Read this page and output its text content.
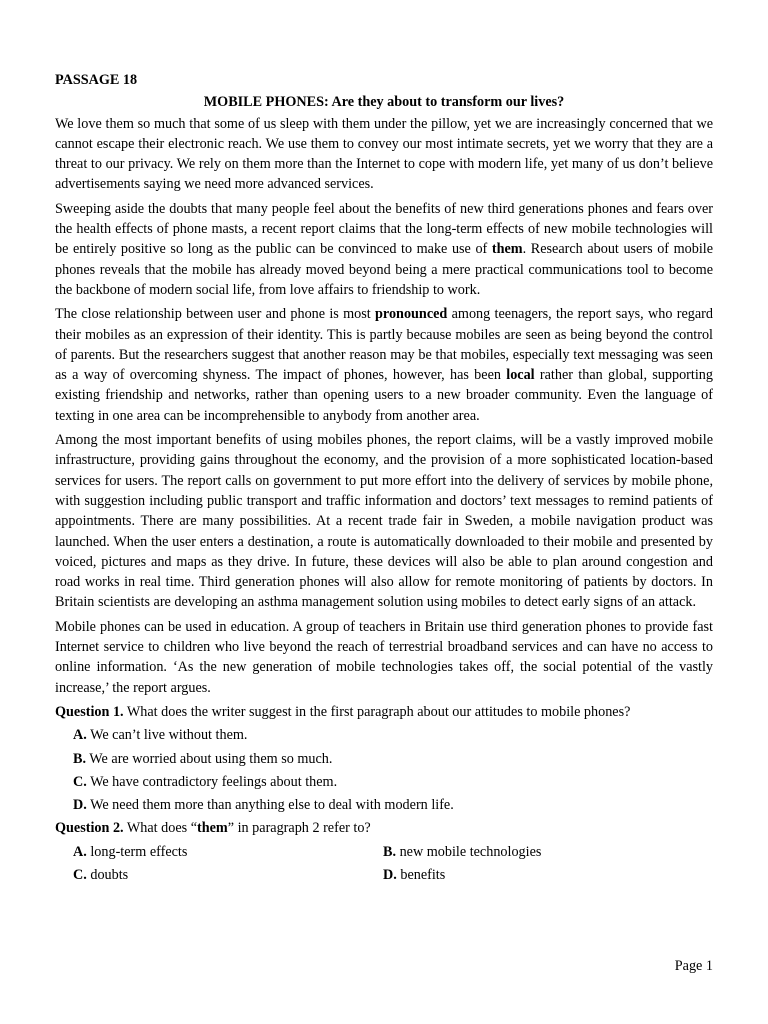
PASSAGE 18
MOBILE PHONES: Are they about to transform our lives?

We love them so much that some of us sleep with them under the pillow, yet we are increasingly concerned that we cannot escape their electronic reach. We use them to convey our most intimate secrets, yet we worry that they are a threat to our privacy. We rely on them more than the Internet to cope with modern life, yet many of us don’t believe advertisements saying we need more advanced services.

Sweeping aside the doubts that many people feel about the benefits of new third generations phones and fears over the health effects of phone masts, a recent report claims that the long-term effects of new mobile technologies will be entirely positive so long as the public can be convinced to make use of them. Research about users of mobile phones reveals that the mobile has already moved beyond being a mere practical communications tool to become the backbone of modern social life, from love affairs to friendship to work.

The close relationship between user and phone is most pronounced among teenagers, the report says, who regard their mobiles as an expression of their identity. This is partly because mobiles are seen as being beyond the control of parents. But the researchers suggest that another reason may be that mobiles, especially text messaging was seen as a way of overcoming shyness. The impact of phones, however, has been local rather than global, supporting existing friendship and networks, rather than opening users to a new broader community. Even the language of texting in one area can be incomprehensible to anybody from another area.

Among the most important benefits of using mobiles phones, the report claims, will be a vastly improved mobile infrastructure, providing gains throughout the economy, and the provision of a more sophisticated location-based services for users. The report calls on government to put more effort into the delivery of services by mobile phone, with suggestion including public transport and traffic information and doctors’ text messages to remind patients of appointments. There are many possibilities. At a recent trade fair in Sweden, a mobile navigation product was launched. When the user enters a destination, a route is automatically downloaded to their mobile and presented by voiced, pictures and maps as they drive. In future, these devices will also be able to plan around congestion and road works in real time. Third generation phones will also allow for remote monitoring of patients by doctors. In Britain scientists are developing an asthma management solution using mobiles to detect early signs of an attack.

Mobile phones can be used in education. A group of teachers in Britain use third generation phones to provide fast Internet service to children who live beyond the reach of terrestrial broadband services and can have no access to online information. ‘As the new generation of mobile technologies takes off, the social potential of the vastly increase,’ the report argues.

Question 1. What does the writer suggest in the first paragraph about our attitudes to mobile phones?
A. We can’t live without them.
B. We are worried about using them so much.
C. We have contradictory feelings about them.
D. We need them more than anything else to deal with modern life.
Question 2. What does “them” in paragraph 2 refer to?
A. long-term effects	B. new mobile technologies
C. doubts	D. benefits
Page 1
